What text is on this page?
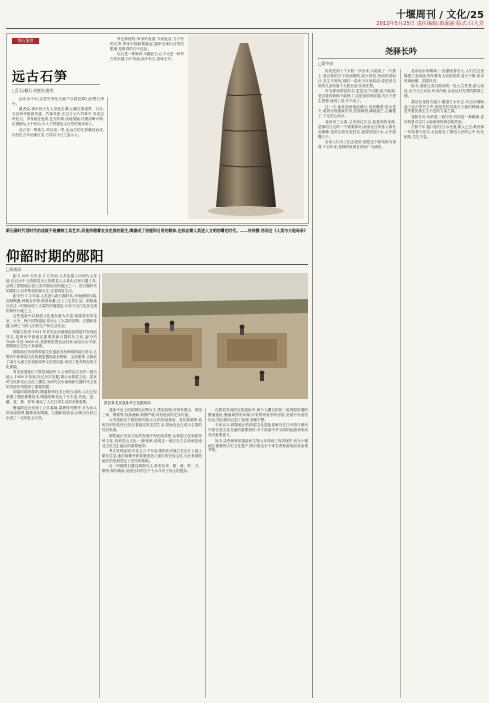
十堰周刊 / 文化/25
2012年5月25日 责任编辑:黄渝丽 版式:吕大芳
鄂石鉴赏
远古石笋
□江石/藏石 何德杰/鉴赏

远东出不识,这枚竹笋化石就产自郧县谭山的黑石塔中。

藏者说,那年秋天友人带他去谭山,翻过那道界、石径,石径两旁植被茂盛、竹林茂密,在这方大片竹林中,发现这块化石。笋身粗壮挺拔,色呈棕黄,质地细腻,纹理清晰可辨,仿佛刚从土中钻出,令人不禁感叹大自然的鬼斧神工。

此石虽一株独立,却自成一景,由远古的生命凝结而成,历经亿万年沧桑巨变,方得以今日之姿示人。

笋这种植物,笋身的表面,节间挺直,尤不朽的石笋,笋身中段略微隆起,通体呈现出自然的肌理,是难得的石中佳品。

玩石是一种修养,今藏此石,让不又是一种考古的乐趣;石中有画,画中有石,意味无穷。

新石器时代划时代的成就不是磨制工具艺术,而是伴随着农业定居的诞生,陶器成了房屋和日用的载体,也标志着人类进入文明的曙光时代。——何诗德·汤而过《人类与大地母亲》
仰韶时期的郧阳
□郑善清

距今 200 万年至 1 万年前,人类由猿人向现代人发展,在汉水中上游郧县出土的郧县人头骨化石和石器工具,证明了郧阳地区是人类早期活动的地区之一。旧石器时代的郧阳人以采集和狩猎为生,过着群居生活。

距今约 1 万年前,人类进入新石器时代,开始磨制石器,烧制陶器,种植农作物,驯养家畜,过上了定居生活。郧阳地区在这一时期出现了大量的村落遗址,分布于汉江及其支流的两岸台地之上。

这些遗址中以仰韶文化遗存最为丰富,如郧县的青龙泉、大寺、梅子园等遗址,均出土了大量的彩陶、石器和骨器,反映了当时人们的生产和生活状况。

仰韶文化因 1921 年首先在河南渑池县仰韶村发现而得名,是黄河中游地区重要的新石器时代文化,距今约 7000 年至 5000 年,其影响范围北达河套,南至汉水中游,郧阳地区正处于其南缘。

郧阳地区发现的仰韶文化遗址具有鲜明的地方特点,它既有中原仰韶文化的典型器物如彩陶钵、尖底瓶等,又吸收了南方大溪文化和屈家岭文化的因素,形成了独具特色的文化面貌。

青龙泉遗址位于郧县城南约 5 公里的汉江北岸二级台地上,1958 年发现,经过多次发掘,揭示出仰韶文化、屈家岭文化和龙山文化三叠层,为研究汉水流域新石器时代文化的发展序列提供了重要依据。

仰韶时期的郧阳,陶器制作技术已相当成熟,人们已经掌握了慢轮修整技术,陶器的种类也十分丰富,有钵、盆、罐、瓮、鼎、杯等,满足了人们日常生活的各种需要。

聚落附近还发现了公共墓地,墓葬排列整齐,多为单人仰身直肢葬,随葬品有陶器、石器和装饰品,反映出当时已出现了一定的社会分化。

郧县青龙泉遗址考古发掘现场

遗址中出土的彩陶以红陶为主,黑彩绘制,纹饰有圆点、弧线三角、网格等,线条流畅,构图严谨,具有很高的艺术价值。

大寺遗址位于郧县城关镇,出土的房屋基址、灰坑和墓葬,说明当时的先民已经过着稳定的定居生活,原始农业已成为主要的经济来源。

郧阳地区史前文化的发展序列比较清楚,从仰韶文化到屈家岭文化,再到龙山文化,一脉相承,说明这一地区自古以来就是南北文化交汇融合的重要地带。

考古发现证明,早在五六千年前,郧阳先民就已在这片土地上繁衍生息,他们用勤劳和智慧创造了灿烂的史前文化,为后来郧阳地区的发展奠定了坚实的基础。

这一时期的石器以磨制为主,种类有斧、锛、凿、铲、刀、镞等,制作精致,说明当时的生产力水平有了较大的提高。

在郧县发现的这批遗址中,最令人瞩目的是一座仰韶时期的聚落遗址,聚落周围有环壕,内有排列有序的房屋,房屋中央设有灶坑,居住面经过加工处理,坚硬平整。

专家认为,郧阳地区的仰韶文化遗址是研究长江中游与黄河中游史前文化交流的重要资料,对于探索中华文明的起源和形成具有重要意义。

如今,这些珍贵的遗址和文物大多得到了有效保护,成为十堰地区重要的历史文化遗产,吸引着众多专家学者和游客前来参观考察。

尧驿长吟
□雷中南

传说是到十个太阳一齐出来,大地成了一片焦土,老百姓的日子如油锅煎,如火焚烧,民间传说射日,先生不知死,那时一曲未不仅表似油,说是来自谁的九尧帝射下太阳长剑,实现宏愿。

作为郧西郡县的名,更是这个话题,夜不能寐,老百姓的命都不能保了,这是尧帝的时期,为天下苍生着想,而到了尧,并不说了。

这一天,他来到河南淀湖口,登高眺望,是水是天,看到百姓流离失所,老弱病残,满地流亡,心痛极了,下定决心治水。

尧帝用了大禹,又来到汉江边,他看到的尧驿,是那时江边的一个重要驿站,南来北往的客人都在此歇脚,尧帝也曾在此驻足,遥望滔滔江水,心中感慨万千。

后来人们为了纪念尧帝,便把这个驿站称为尧驿,千百年来,尧驿的故事在民间广为流传。

尧帝治水的精神,一直激励着后人,人们在这里修建了尧帝庙,每年都有人前来祭拜,香火不断,祈求风调雨顺、国泰民安。

如今,尧驿已成为郧西的一处人文景观,游人到此,无不为之动容,吟诗作赋,以表达对先贤的敬仰之情。

我站在尧驿古渡口,眺望江水东去,耳边仿佛响起了远古的号子声,那是先民们战天斗地的呐喊,那是华夏民族生生不息的力量之源。

尧驿长吟,吟的是一段历史,吟的是一种精神,更吟的是对这片土地深深的眷恋和热爱。

古驿千年,渡口依旧,江水长流,斯人已去,唯有那一份执着与坚守,永远留在了郧西人民的心中,代代相传,生生不息。
